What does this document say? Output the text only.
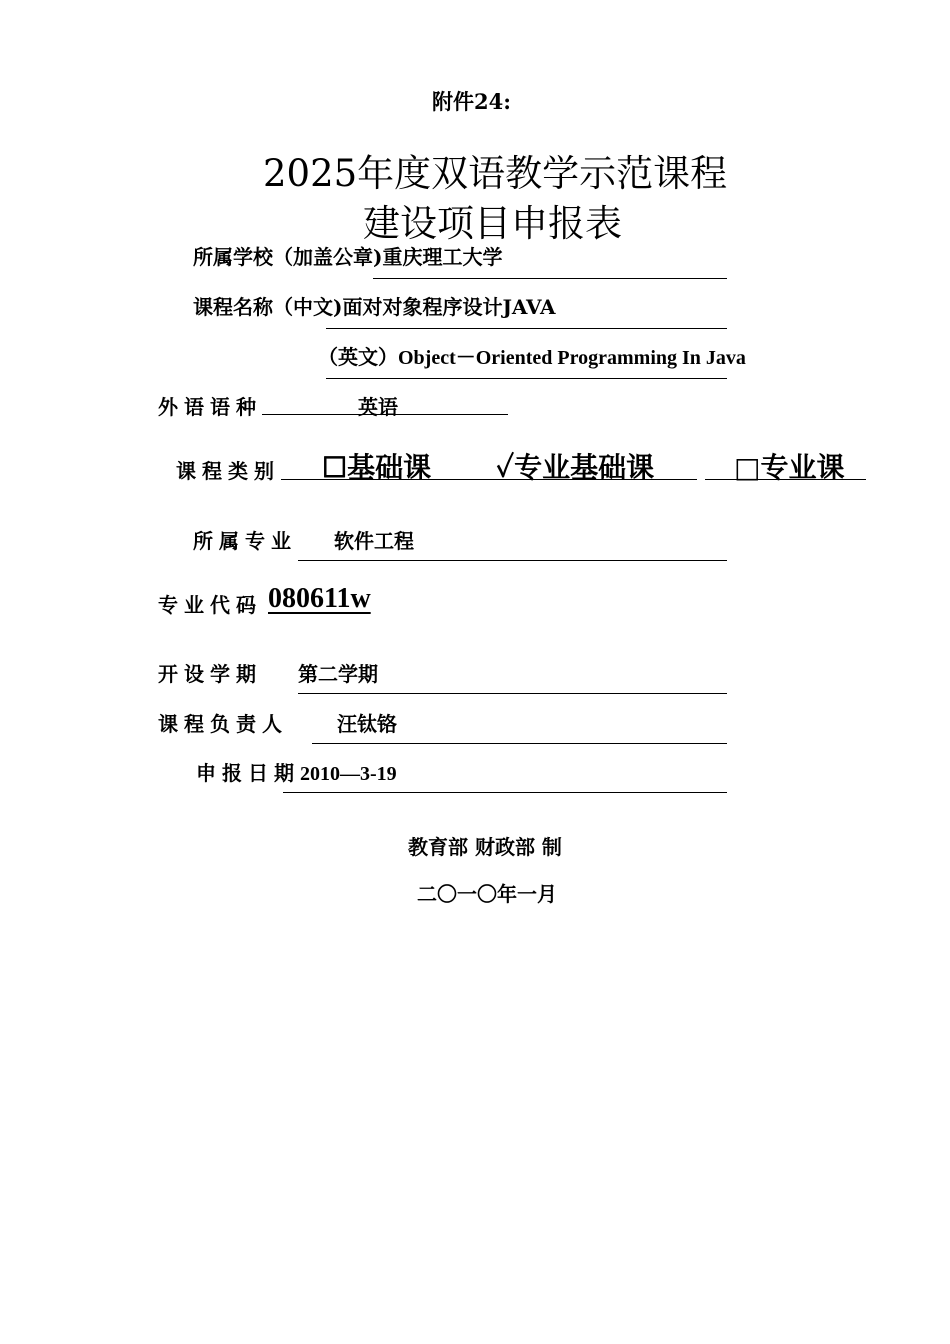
附件24:
2025年度双语教学示范课程
建设项目申报表
所属学校（加盖公章)重庆理工大学
课程名称（中文)面对对象程序设计JAVA
（英文）Object－Oriented Programming In Java
外语语种	英语
课程类别 ☐基础课 ✓专业基础课	□专业课
所属专业 软件工程
专业代码 080611w
开设学期 第二学期
课程负责人 汪钛铬
申报日期2010—3-19
教育部 财政部 制
二〇一〇年一月
